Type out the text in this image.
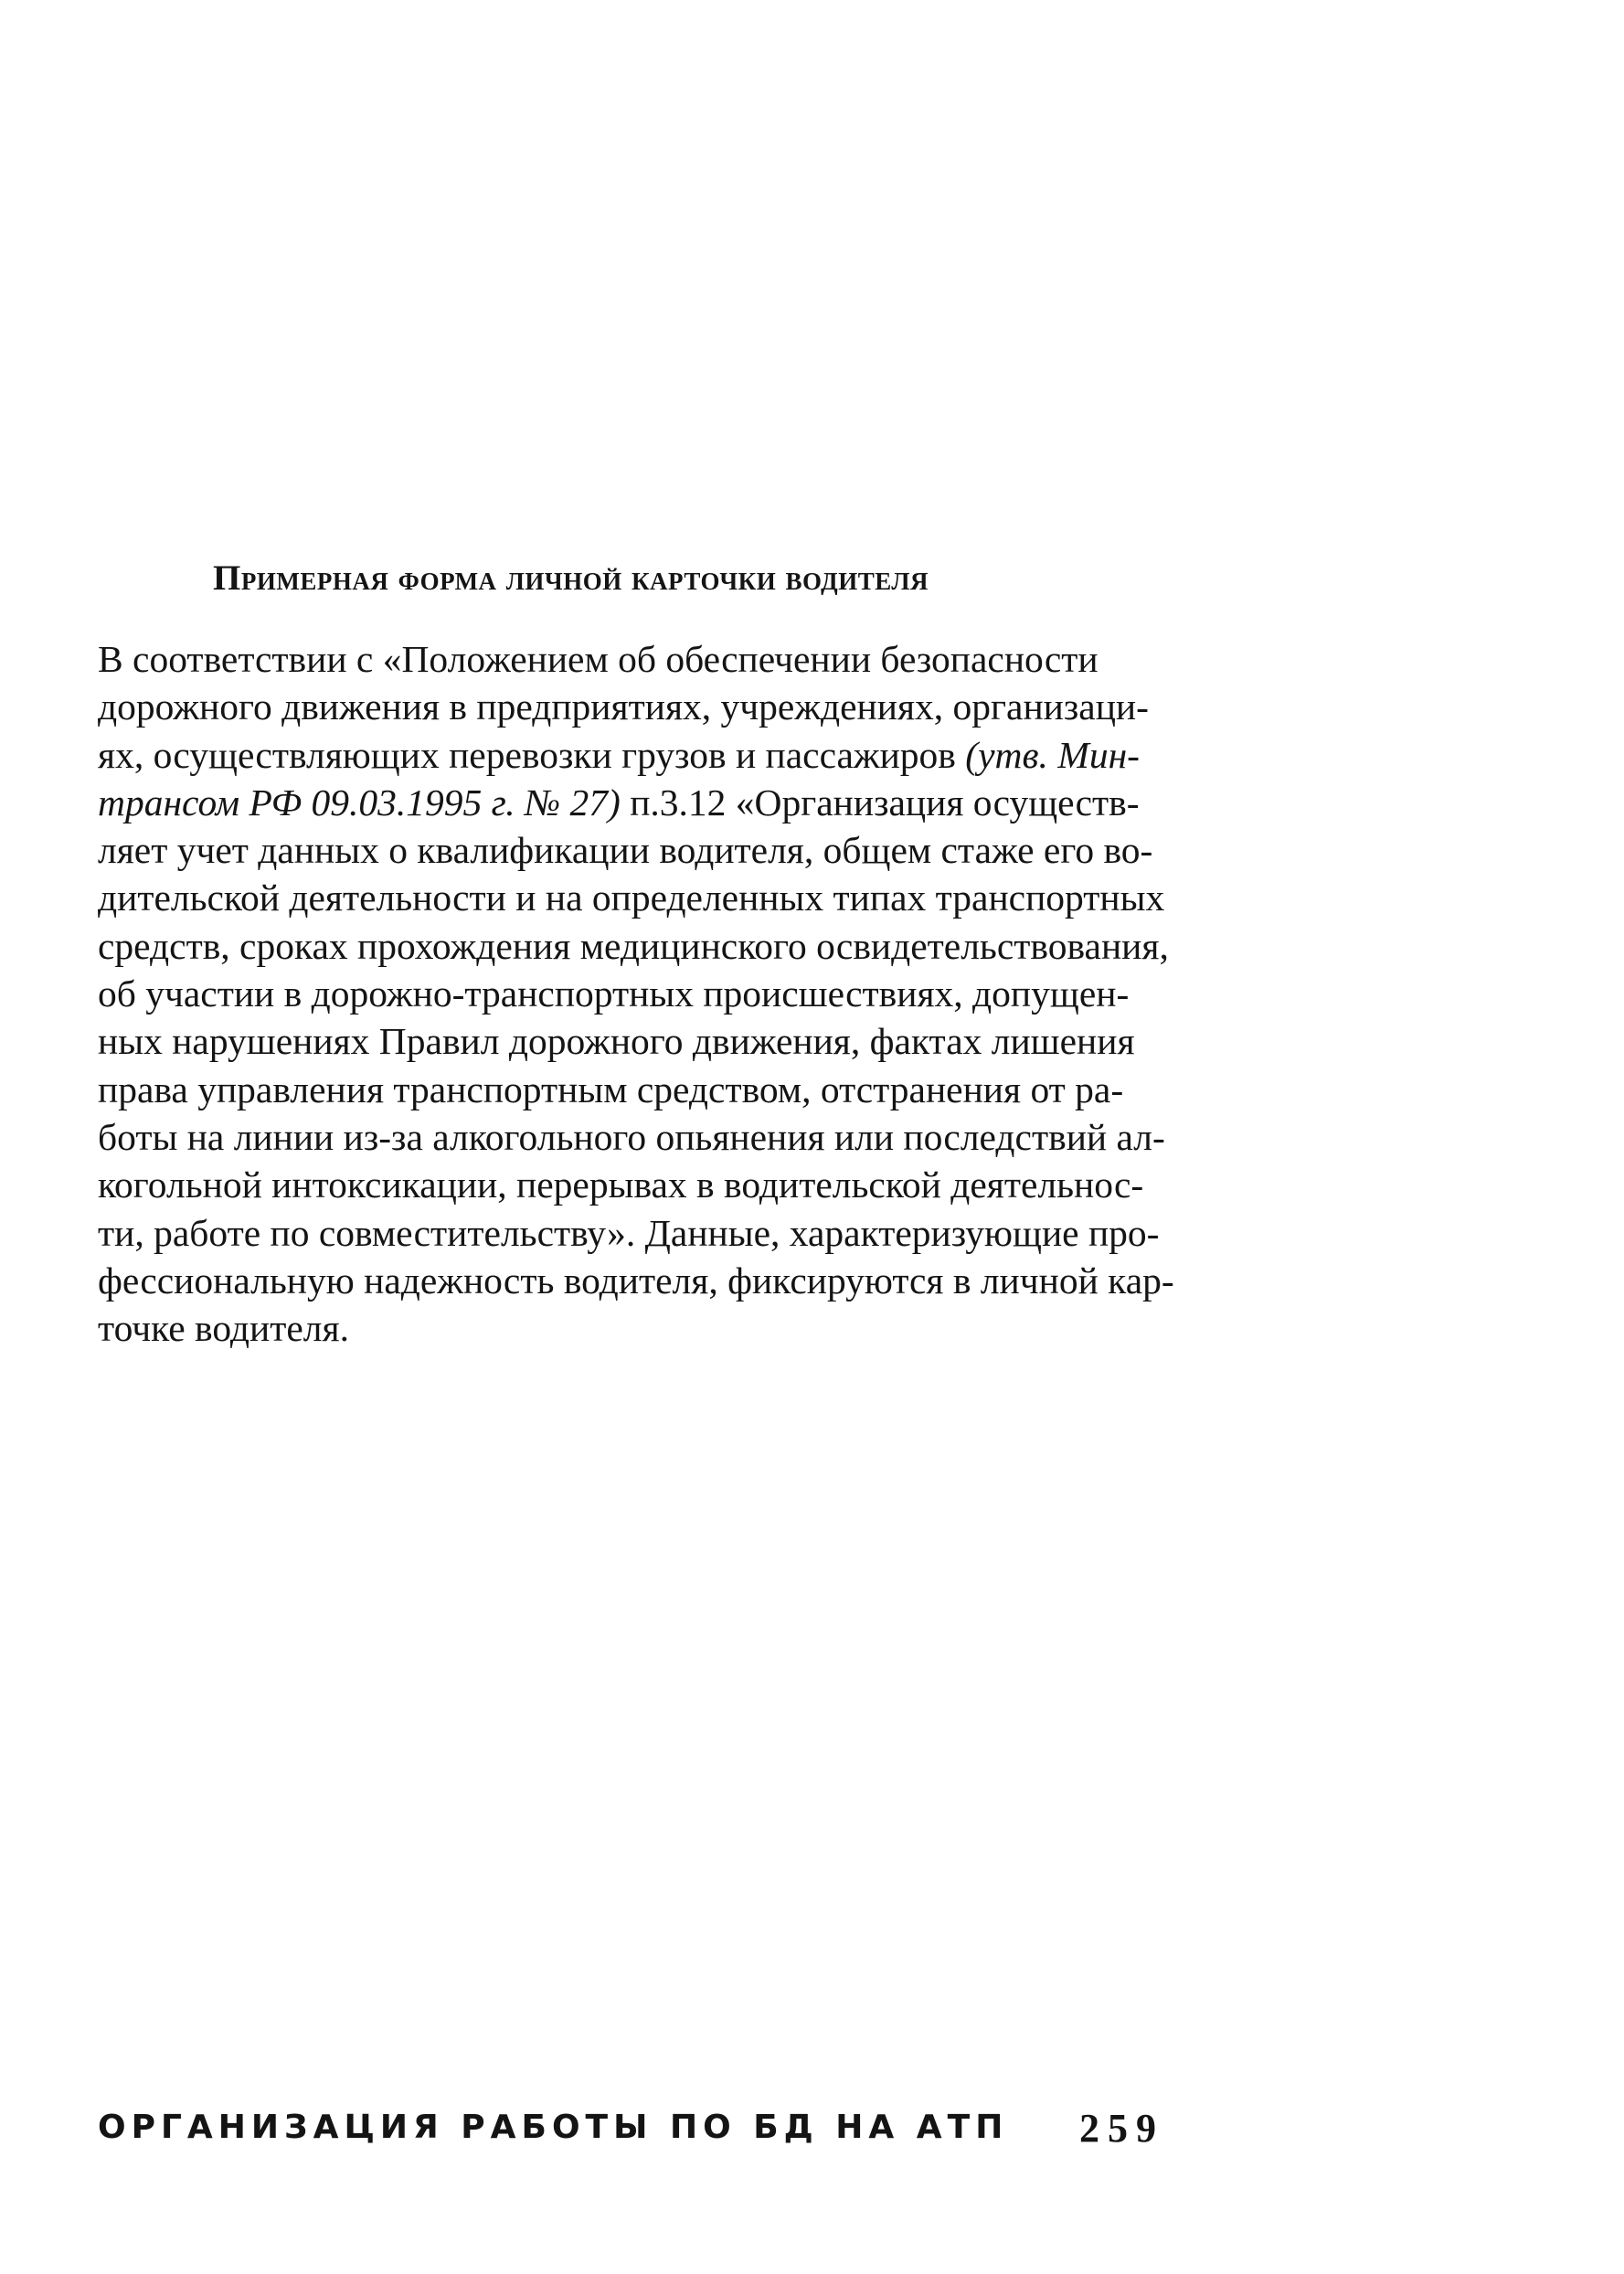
Примерная форма личной карточки водителя
В соответствии с «Положением об обеспечении безопасности
дорожного движения в предприятиях, учреждениях, организаци-
ях, осуществляющих перевозки грузов и пассажиров (утв. Мин-
трансом РФ 09.03.1995 г. № 27) п.3.12 «Организация осуществ-
ляет учет данных о квалификации водителя, общем стаже его во-
дительской деятельности и на определенных типах транспортных
средств, сроках прохождения медицинского освидетельствования,
об участии в дорожно-транспортных происшествиях, допущен-
ных нарушениях Правил дорожного движения, фактах лишения
права управления транспортным средством, отстранения от ра-
боты на линии из-за алкогольного опьянения или последствий ал-
когольной интоксикации, перерывах в водительской деятельнос-
ти, работе по совместительству». Данные, характеризующие про-
фессиональную надежность водителя, фиксируются в личной кар-
точке водителя.
ОРГАНИЗАЦИЯ РАБОТЫ ПО БД НА АТП 259
